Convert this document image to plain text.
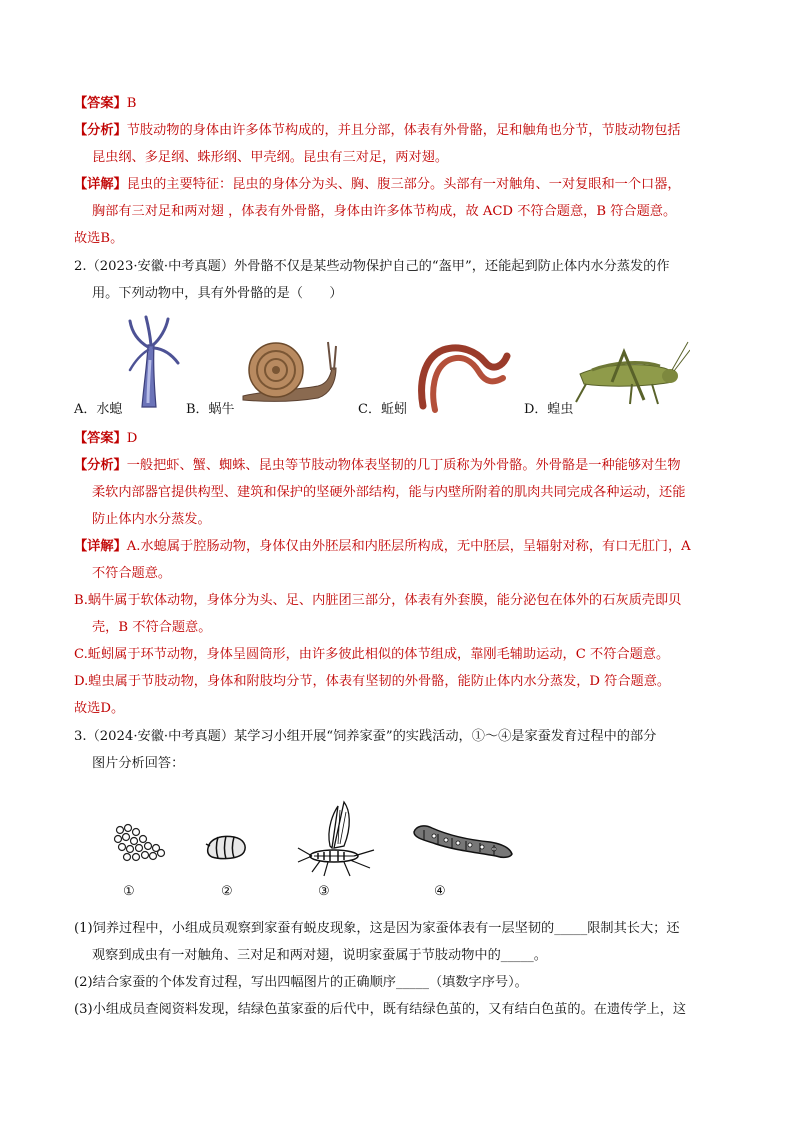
【答案】B
【分析】节肢动物的身体由许多体节构成的，并且分部，体表有外骨骼，足和触角也分节，节肢动物包括
昆虫纲、多足纲、蛛形纲、甲壳纲。昆虫有三对足，两对翅。
【详解】昆虫的主要特征：昆虫的身体分为头、胸、腹三部分。头部有一对触角、一对复眼和一个口器，
胸部有三对足和两对翅 ，体表有外骨骼，身体由许多体节构成，故 ACD 不符合题意，B 符合题意。
故选B。
2.（2023·安徽·中考真题）外骨骼不仅是某些动物保护自己的“盔甲”，还能起到防止体内水分蒸发的作
用。下列动物中，具有外骨骼的是（　　）
A．水螅	B．蜗牛	C．蚯蚓	D．蝗虫
【答案】D
【分析】一般把虾、蟹、蜘蛛、昆虫等节肢动物体表坚韧的几丁质称为外骨骼。外骨骼是一种能够对生物
柔软内部器官提供构型、建筑和保护的坚硬外部结构，能与内壁所附着的肌肉共同完成各种运动，还能
防止体内水分蒸发。
【详解】A.水螅属于腔肠动物，身体仅由外胚层和内胚层所构成，无中胚层，呈辐射对称，有口无肛门，A
不符合题意。
B.蜗牛属于软体动物，身体分为头、足、内脏团三部分，体表有外套膜，能分泌包在体外的石灰质壳即贝
壳，B 不符合题意。
C.蚯蚓属于环节动物，身体呈圆筒形，由许多彼此相似的体节组成，靠刚毛辅助运动，C 不符合题意。
D.蝗虫属于节肢动物，身体和附肢均分节，体表有坚韧的外骨骼，能防止体内水分蒸发，D 符合题意。
故选D。
3.（2024·安徽·中考真题）某学习小组开展“饲养家蚕”的实践活动，①～④是家蚕发育过程中的部分
图片分析回答：
①	②	③	④
(1)饲养过程中，小组成员观察到家蚕有蜕皮现象，这是因为家蚕体表有一层坚韧的_____限制其长大；还
观察到成虫有一对触角、三对足和两对翅，说明家蚕属于节肢动物中的_____。
(2)结合家蚕的个体发育过程，写出四幅图片的正确顺序_____（填数字序号）。
(3)小组成员查阅资料发现，结绿色茧家蚕的后代中，既有结绿色茧的，又有结白色茧的。在遗传学上，这
